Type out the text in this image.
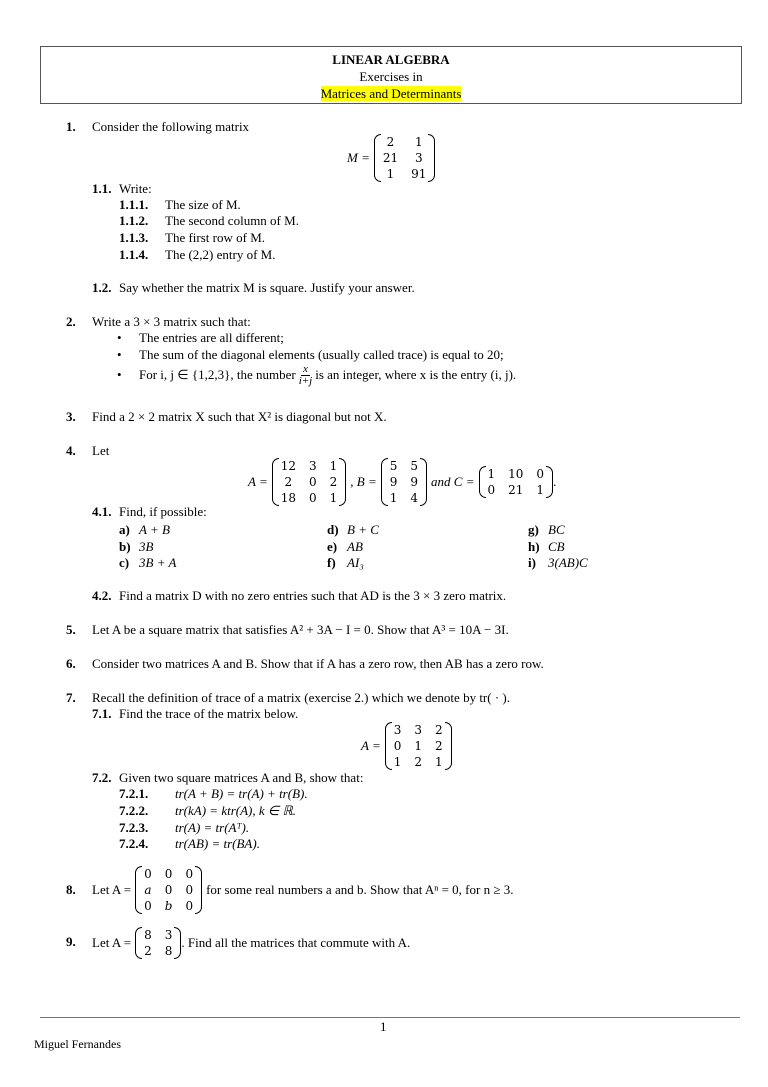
LINEAR ALGEBRA
Exercises in
Matrices and Determinants
1. Consider the following matrix
M =
2	1
21	3
1	91
1.1. Write:
1.1.1. The size of M.
1.1.2. The second column of M.
1.1.3. The first row of M.
1.1.4. The (2,2) entry of M.
1.2. Say whether the matrix M is square. Justify your answer.
2. Write a 3 × 3 matrix such that:
• The entries are all different;
• The sum of the diagonal elements (usually called trace) is equal to 20;
• For i, j ∈ {1,2,3}, the number $\frac{x}{i+j}$ is an integer, where x is the entry (i, j).
3. Find a 2 × 2 matrix X such that X² is diagonal but not X.
4. Let
A =
12 3 1
2	0 2
18 0 1
, B =
5 5
9 9
1 4
and C = 1 10 0
0 21 1
.
4.1. Find, if possible:
a) A + B
b) 3B
c) 3B + A
d) B + C
e) AB
f) AI₃
g) BC
h) CB
i) 3(AB)C
4.2. Find a matrix D with no zero entries such that AD is the 3 × 3 zero matrix.
5. Let A be a square matrix that satisfies A² + 3A − I = 0. Show that A³ = 10A − 3I.
6. Consider two matrices A and B. Show that if A has a zero row, then AB has a zero row.
7. Recall the definition of trace of a matrix (exercise 2.) which we denote by tr( · ).
7.1. Find the trace of the matrix below.
A =
3 3 2
0 1 2
1 2 1
7.2. Given two square matrices A and B, show that:
7.2.1. tr(A + B) = tr(A) + tr(B).
7.2.2. tr(kA) = ktr(A), k ∈ ℝ.
7.2.3. tr(A) = tr(Aᵀ).
7.2.4. tr(AB) = tr(BA).
8. Let A =
0 0 0
a 0 0
0 b 0
for some real numbers a and b. Show that Aⁿ = 0, for n ≥ 3.
9. Let A = 8 3
2 8
. Find all the matrices that commute with A.
1
Miguel Fernandes
